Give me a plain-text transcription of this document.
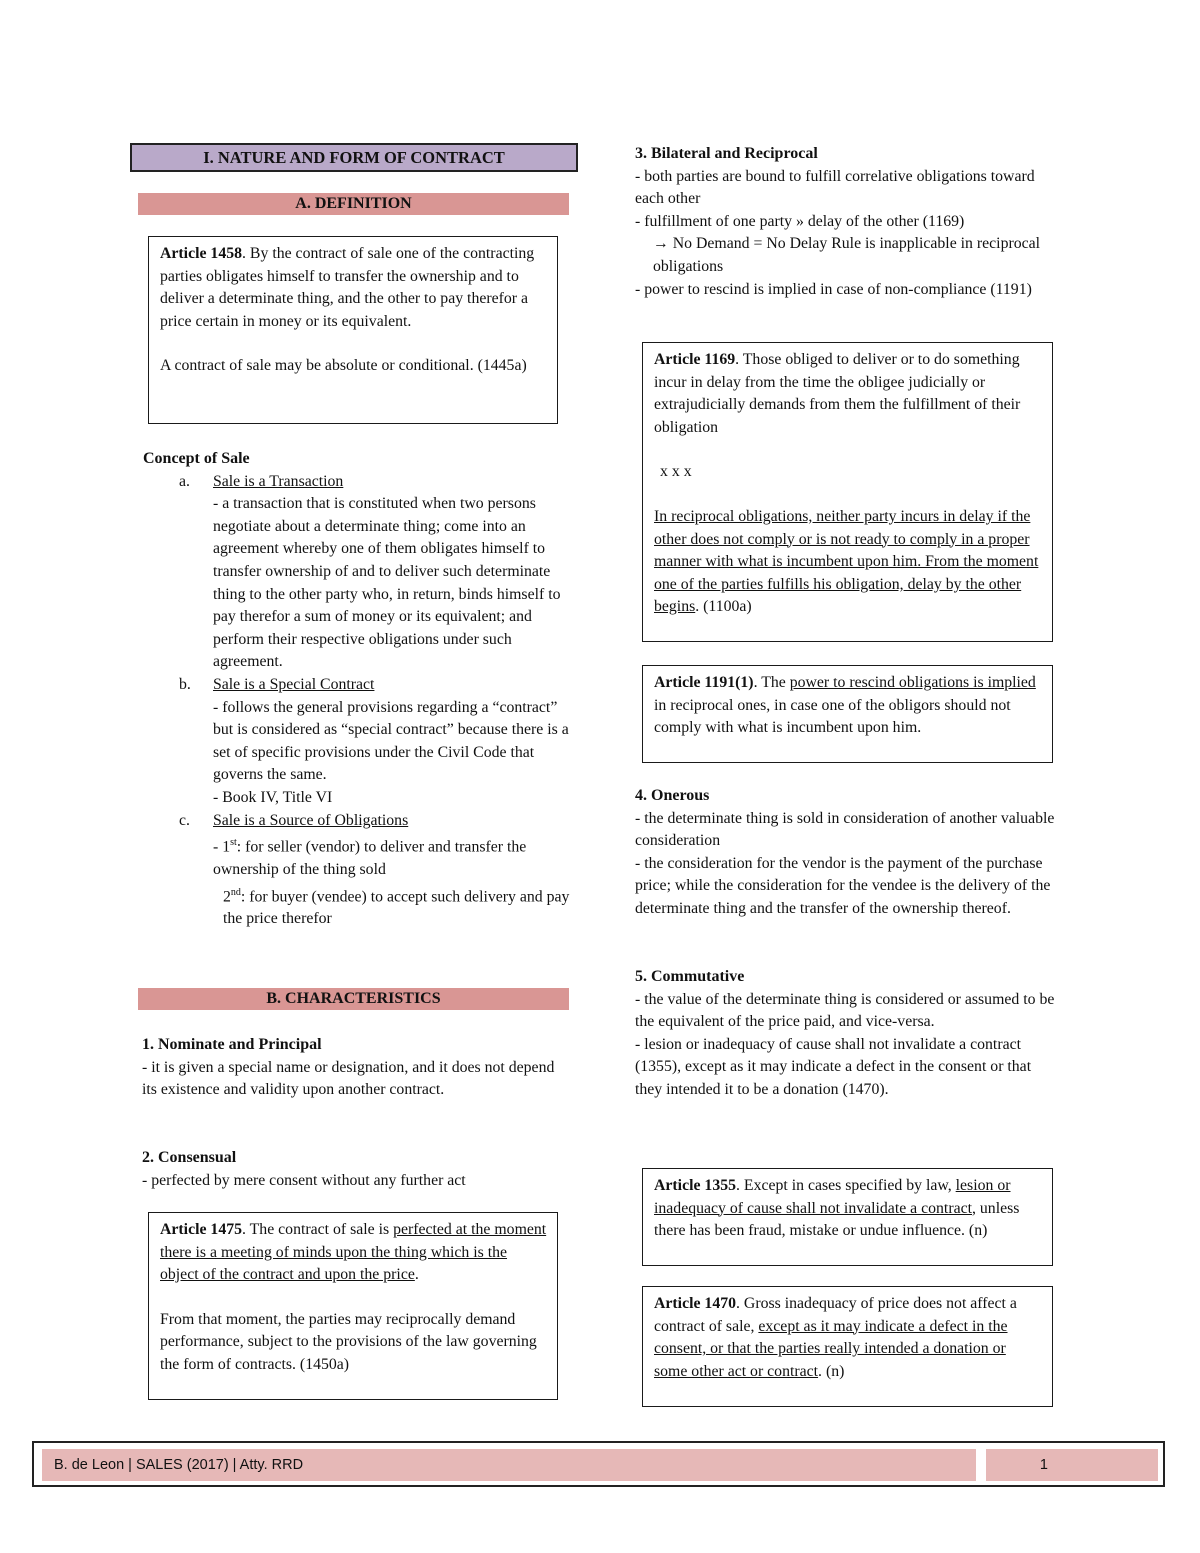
I. NATURE AND FORM OF CONTRACT
A. DEFINITION

Article 1458. By the contract of sale one of the contracting parties obligates himself to transfer the ownership and to deliver a determinate thing, and the other to pay therefor a price certain in money or its equivalent.

A contract of sale may be absolute or conditional. (1445a)

Concept of Sale

a. Sale is a Transaction

- a transaction that is constituted when two persons negotiate about a determinate thing; come into an agreement whereby one of them obligates himself to transfer ownership of and to deliver such determinate thing to the other party who, in return, binds himself to pay therefor a sum of money or its equivalent; and perform their respective obligations under such agreement.

b. Sale is a Special Contract

- follows the general provisions regarding a “contract” but is considered as “special contract” because there is a set of specific provisions under the Civil Code that governs the same.

- Book IV, Title VI

c. Sale is a Source of Obligations

- 1st: for seller (vendor) to deliver and transfer the ownership of the thing sold

2nd: for buyer (vendee) to accept such delivery and pay the price therefor

B. CHARACTERISTICS

1. Nominate and Principal

- it is given a special name or designation, and it does not depend its existence and validity upon another contract.

2. Consensual

- perfected by mere consent without any further act

Article 1475. The contract of sale is perfected at the moment there is a meeting of minds upon the thing which is the object of the contract and upon the price.

From that moment, the parties may reciprocally demand performance, subject to the provisions of the law governing the form of contracts. (1450a)

3. Bilateral and Reciprocal

- both parties are bound to fulfill correlative obligations toward each other

- fulfillment of one party » delay of the other (1169)

→ No Demand = No Delay Rule is inapplicable in reciprocal obligations

- power to rescind is implied in case of non-compliance (1191)

Article 1169. Those obliged to deliver or to do something incur in delay from the time the obligee judicially or extrajudicially demands from them the fulfillment of their obligation

x x x

In reciprocal obligations, neither party incurs in delay if the other does not comply or is not ready to comply in a proper manner with what is incumbent upon him. From the moment one of the parties fulfills his obligation, delay by the other begins. (1100a)

Article 1191(1). The power to rescind obligations is implied in reciprocal ones, in case one of the obligors should not comply with what is incumbent upon him.

4. Onerous

- the determinate thing is sold in consideration of another valuable consideration

- the consideration for the vendor is the payment of the purchase price; while the consideration for the vendee is the delivery of the determinate thing and the transfer of the ownership thereof.

5. Commutative

- the value of the determinate thing is considered or assumed to be the equivalent of the price paid, and vice-versa.

- lesion or inadequacy of cause shall not invalidate a contract (1355), except as it may indicate a defect in the consent or that they intended it to be a donation (1470).

Article 1355. Except in cases specified by law, lesion or inadequacy of cause shall not invalidate a contract, unless there has been fraud, mistake or undue influence. (n)

Article 1470. Gross inadequacy of price does not affect a contract of sale, except as it may indicate a defect in the consent, or that the parties really intended a donation or some other act or contract. (n)

B. de Leon | SALES (2017) | Atty. RRD	1
